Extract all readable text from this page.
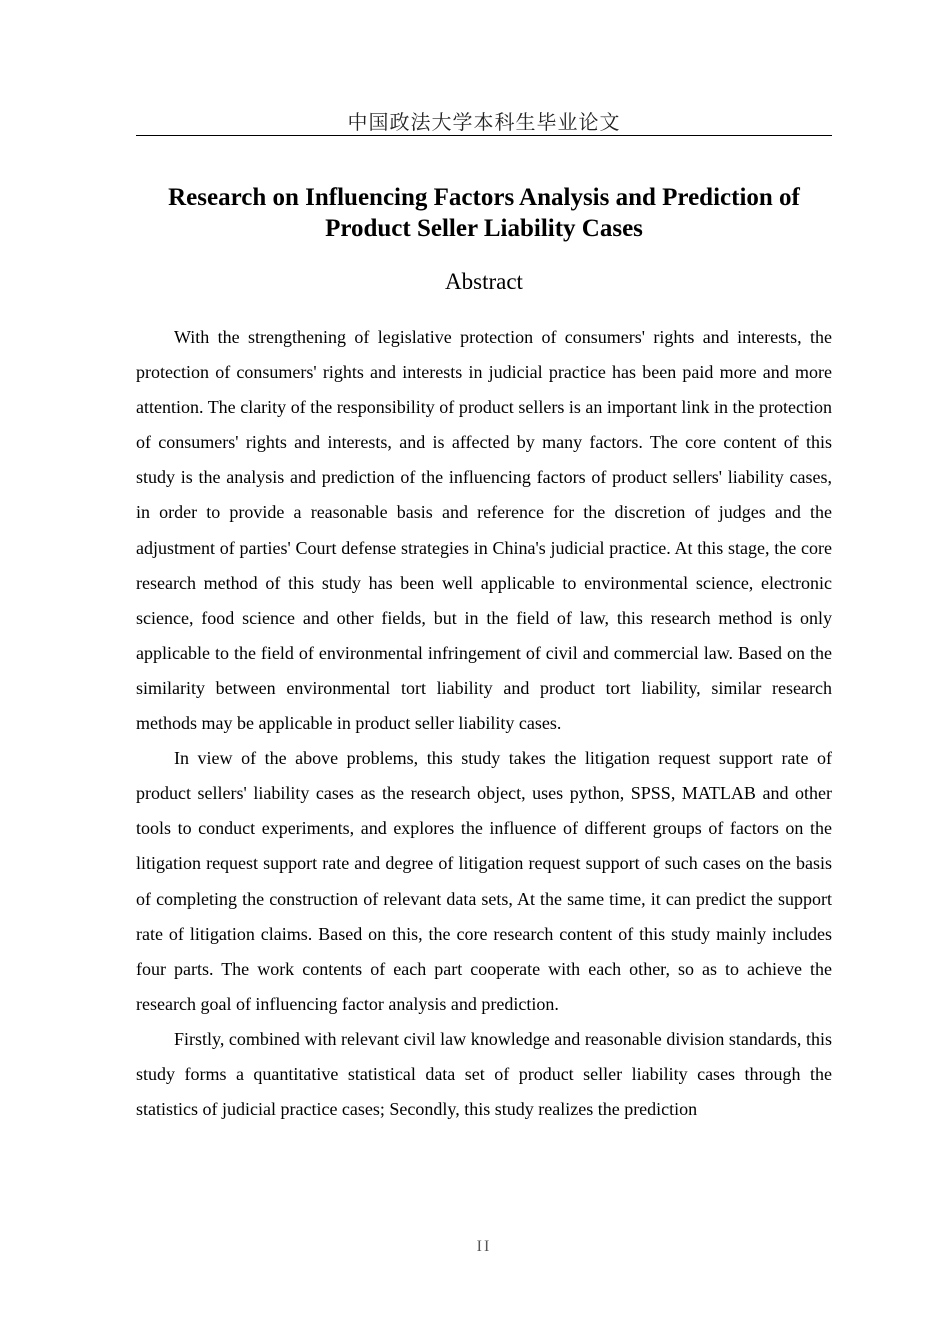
中国政法大学本科生毕业论文
Research on Influencing Factors Analysis and Prediction of Product Seller Liability Cases
Abstract

With the strengthening of legislative protection of consumers' rights and interests, the protection of consumers' rights and interests in judicial practice has been paid more and more attention. The clarity of the responsibility of product sellers is an important link in the protection of consumers' rights and interests, and is affected by many factors. The core content of this study is the analysis and prediction of the influencing factors of product sellers' liability cases, in order to provide a reasonable basis and reference for the discretion of judges and the adjustment of parties' Court defense strategies in China's judicial practice. At this stage, the core research method of this study has been well applicable to environmental science, electronic science, food science and other fields, but in the field of law, this research method is only applicable to the field of environmental infringement of civil and commercial law. Based on the similarity between environmental tort liability and product tort liability, similar research methods may be applicable in product seller liability cases.

In view of the above problems, this study takes the litigation request support rate of product sellers' liability cases as the research object, uses python, SPSS, MATLAB and other tools to conduct experiments, and explores the influence of different groups of factors on the litigation request support rate and degree of litigation request support of such cases on the basis of completing the construction of relevant data sets, At the same time, it can predict the support rate of litigation claims. Based on this, the core research content of this study mainly includes four parts. The work contents of each part cooperate with each other, so as to achieve the research goal of influencing factor analysis and prediction.

Firstly, combined with relevant civil law knowledge and reasonable division standards, this study forms a quantitative statistical data set of product seller liability cases through the statistics of judicial practice cases; Secondly, this study realizes the prediction

II
